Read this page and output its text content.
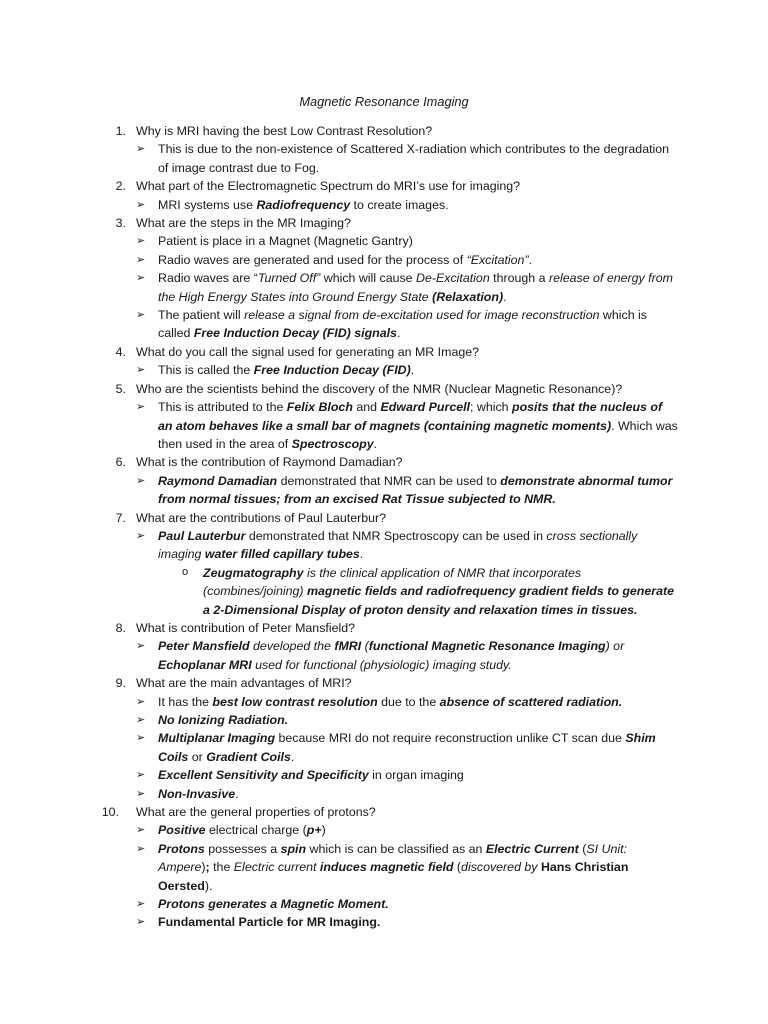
Magnetic Resonance Imaging
1. Why is MRI having the best Low Contrast Resolution?
➢ This is due to the non-existence of Scattered X-radiation which contributes to the degradation of image contrast due to Fog.
2. What part of the Electromagnetic Spectrum do MRI’s use for imaging?
➢ MRI systems use Radiofrequency to create images.
3. What are the steps in the MR Imaging?
➢ Patient is place in a Magnet (Magnetic Gantry)
➢ Radio waves are generated and used for the process of “Excitation”.
➢ Radio waves are “Turned Off” which will cause De-Excitation through a release of energy from the High Energy States into Ground Energy State (Relaxation).
➢ The patient will release a signal from de-excitation used for image reconstruction which is called Free Induction Decay (FID) signals.
4. What do you call the signal used for generating an MR Image?
➢ This is called the Free Induction Decay (FID).
5. Who are the scientists behind the discovery of the NMR (Nuclear Magnetic Resonance)?
➢ This is attributed to the Felix Bloch and Edward Purcell; which posits that the nucleus of an atom behaves like a small bar of magnets (containing magnetic moments). Which was then used in the area of Spectroscopy.
6. What is the contribution of Raymond Damadian?
➢ Raymond Damadian demonstrated that NMR can be used to demonstrate abnormal tumor from normal tissues; from an excised Rat Tissue subjected to NMR.
7. What are the contributions of Paul Lauterbur?
➢ Paul Lauterbur demonstrated that NMR Spectroscopy can be used in cross sectionally imaging water filled capillary tubes.
o Zeugmatography is the clinical application of NMR that incorporates (combines/joining) magnetic fields and radiofrequency gradient fields to generate a 2-Dimensional Display of proton density and relaxation times in tissues.
8. What is contribution of Peter Mansfield?
➢ Peter Mansfield developed the fMRI (functional Magnetic Resonance Imaging) or Echoplanar MRI used for functional (physiologic) imaging study.
9. What are the main advantages of MRI?
➢ It has the best low contrast resolution due to the absence of scattered radiation.
➢ No Ionizing Radiation.
➢ Multiplanar Imaging because MRI do not require reconstruction unlike CT scan due Shim Coils or Gradient Coils.
➢ Excellent Sensitivity and Specificity in organ imaging
➢ Non-Invasive.
10. What are the general properties of protons?
➢ Positive electrical charge (p+)
➢ Protons possesses a spin which is can be classified as an Electric Current (SI Unit: Ampere); the Electric current induces magnetic field (discovered by Hans Christian Oersted).
➢ Protons generates a Magnetic Moment.
➢ Fundamental Particle for MR Imaging.
